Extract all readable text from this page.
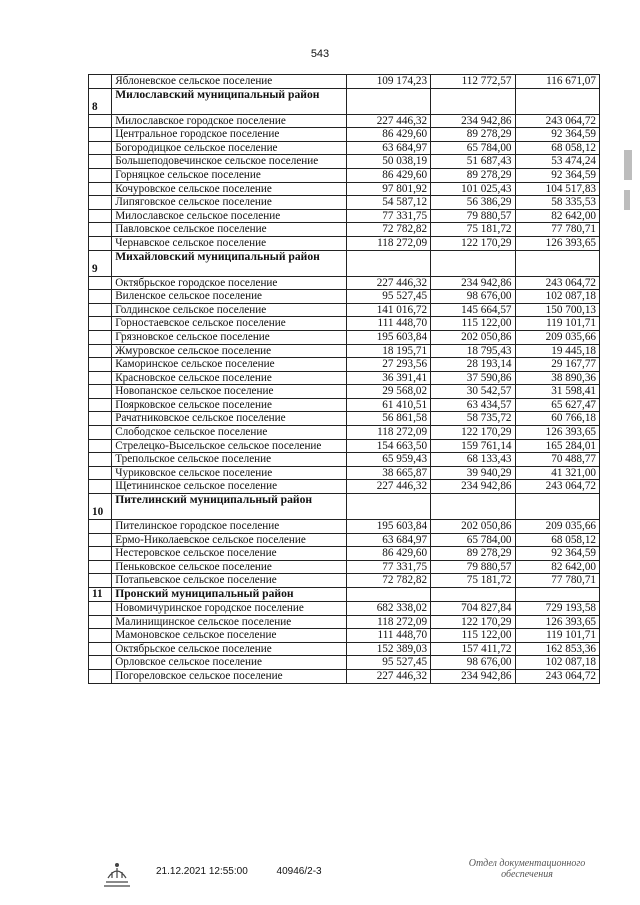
543
	Яблоневское сельское поселение	109 174,23	112 772,57	116 671,07
8	Милославский муниципальный район			
	Милославское городское поселение	227 446,32	234 942,86	243 064,72
	Центральное городское поселение	86 429,60	89 278,29	92 364,59
	Богородицкое сельское поселение	63 684,97	65 784,00	68 058,12
	Большеподовечинское сельское поселение	50 038,19	51 687,43	53 474,24
	Горняцкое сельское поселение	86 429,60	89 278,29	92 364,59
	Кочуровское сельское поселение	97 801,92	101 025,43	104 517,83
	Липяговское сельское поселение	54 587,12	56 386,29	58 335,53
	Милославское сельское поселение	77 331,75	79 880,57	82 642,00
	Павловское сельское поселение	72 782,82	75 181,72	77 780,71
	Чернавское сельское поселение	118 272,09	122 170,29	126 393,65
9	Михайловский муниципальный район			
	Октябрьское городское поселение	227 446,32	234 942,86	243 064,72
	Виленское сельское поселение	95 527,45	98 676,00	102 087,18
	Голдинское сельское поселение	141 016,72	145 664,57	150 700,13
	Горностаевское сельское поселение	111 448,70	115 122,00	119 101,71
	Грязновское сельское поселение	195 603,84	202 050,86	209 035,66
	Жмуровское сельское поселение	18 195,71	18 795,43	19 445,18
	Каморинское сельское поселение	27 293,56	28 193,14	29 167,77
	Красновское сельское поселение	36 391,41	37 590,86	38 890,36
	Новопанское сельское поселение	29 568,02	30 542,57	31 598,41
	Поярковское сельское поселение	61 410,51	63 434,57	65 627,47
	Рачатниковское сельское поселение	56 861,58	58 735,72	60 766,18
	Слободское сельское поселение	118 272,09	122 170,29	126 393,65
	Стрелецко-Высельское сельское поселение	154 663,50	159 761,14	165 284,01
	Трепольское сельское поселение	65 959,43	68 133,43	70 488,77
	Чуриковское сельское поселение	38 665,87	39 940,29	41 321,00
	Щетининское сельское поселение	227 446,32	234 942,86	243 064,72
10	Пителинский муниципальный район			
	Пителинское городское поселение	195 603,84	202 050,86	209 035,66
	Ермо-Николаевское сельское поселение	63 684,97	65 784,00	68 058,12
	Нестеровское сельское поселение	86 429,60	89 278,29	92 364,59
	Пеньковское сельское поселение	77 331,75	79 880,57	82 642,00
	Потапьевское сельское поселение	72 782,82	75 181,72	77 780,71
11	Пронский муниципальный район			
	Новомичуринское городское поселение	682 338,02	704 827,84	729 193,58
	Малинищинское сельское поселение	118 272,09	122 170,29	126 393,65
	Мамоновское сельское поселение	111 448,70	115 122,00	119 101,71
	Октябрьское сельское поселение	152 389,03	157 411,72	162 853,36
	Орловское сельское поселение	95 527,45	98 676,00	102 087,18
	Погореловское сельское поселение	227 446,32	234 942,86	243 064,72
21.12.2021 12:55:00	40946/2-3
Отдел документационного
обеспечения
